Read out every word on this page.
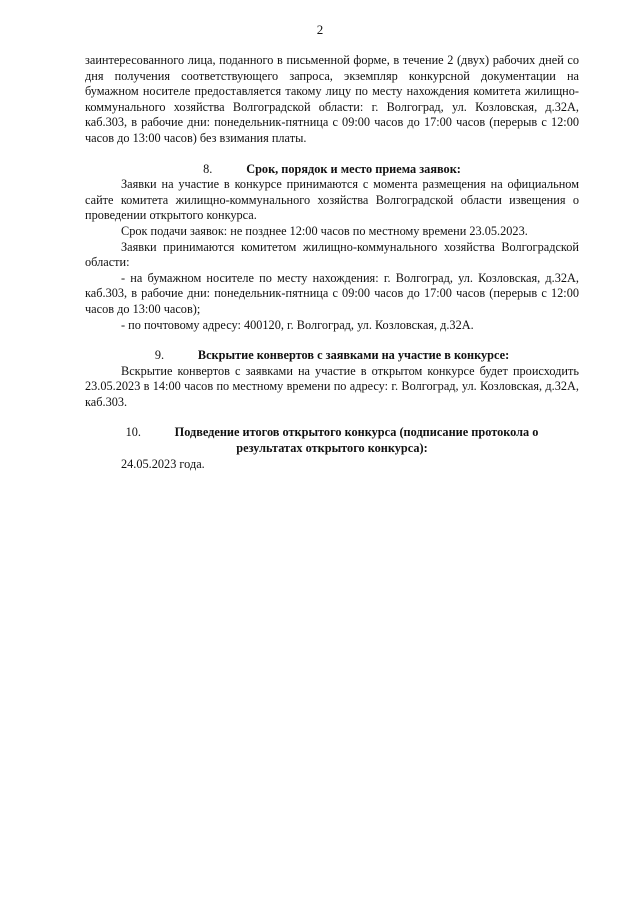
2

заинтересованного лица, поданного в письменной форме, в течение 2 (двух) рабочих дней со дня получения соответствующего запроса, экземпляр конкурсной документации на бумажном носителе предоставляется такому лицу по месту нахождения комитета жилищно-коммунального хозяйства Волгоградской области: г. Волгоград, ул. Козловская, д.32А, каб.303, в рабочие дни: понедельник-пятница с 09:00 часов до 17:00 часов (перерыв с 12:00 часов до 13:00 часов) без взимания платы.

8.	Срок, порядок и место приема заявок:

Заявки на участие в конкурсе принимаются с момента размещения на официальном сайте комитета жилищно-коммунального хозяйства Волгоградской области извещения о проведении открытого конкурса.

Срок подачи заявок: не позднее 12:00 часов по местному времени 23.05.2023.

Заявки принимаются комитетом жилищно-коммунального хозяйства Волгоградской области:

- на бумажном носителе по месту нахождения: г. Волгоград, ул. Козловская, д.32А, каб.303, в рабочие дни: понедельник-пятница с 09:00 часов до 17:00 часов (перерыв с 12:00 часов до 13:00 часов);

- по почтовому адресу: 400120, г. Волгоград, ул. Козловская, д.32А.

9.	Вскрытие конвертов с заявками на участие в конкурсе:

Вскрытие конвертов с заявками на участие в открытом конкурсе будет происходить 23.05.2023 в 14:00 часов по местному времени по адресу: г. Волгоград, ул. Козловская, д.32А, каб.303.

10.	Подведение итогов открытого конкурса (подписание протокола о
результатах открытого конкурса):

24.05.2023 года.
